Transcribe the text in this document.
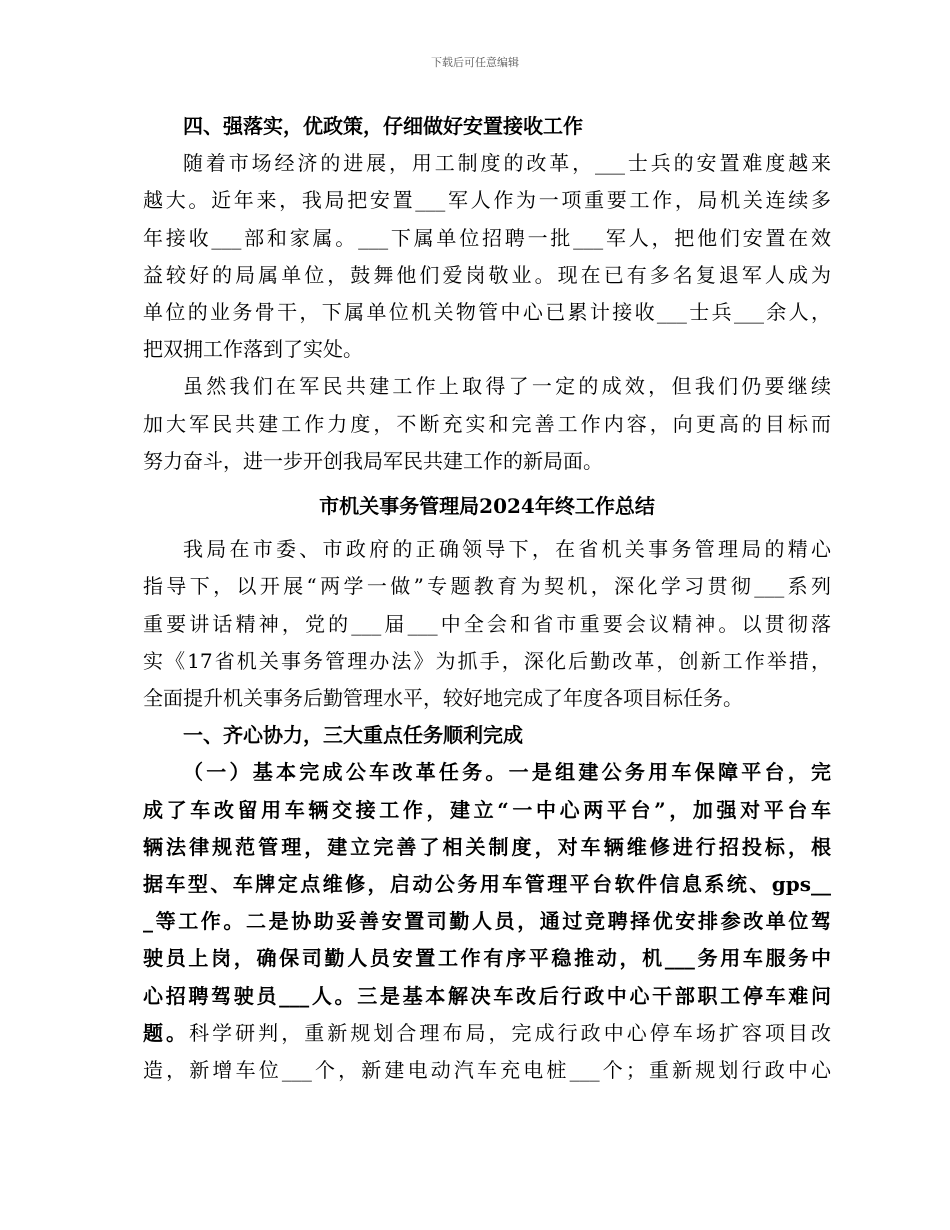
下载后可任意编辑
四、强落实，优政策，仔细做好安置接收工作
随着市场经济的进展，用工制度的改革，___士兵的安置难度越来
越大。近年来，我局把安置___军人作为一项重要工作，局机关连续多
年接收___部和家属。___下属单位招聘一批___军人，把他们安置在效
益较好的局属单位，鼓舞他们爱岗敬业。现在已有多名复退军人成为
单位的业务骨干，下属单位机关物管中心已累计接收___士兵___余人，
把双拥工作落到了实处。
虽然我们在军民共建工作上取得了一定的成效，但我们仍要继续
加大军民共建工作力度，不断充实和完善工作内容，向更高的目标而
努力奋斗，进一步开创我局军民共建工作的新局面。
市机关事务管理局2024年终工作总结
我局在市委、市政府的正确领导下，在省机关事务管理局的精心
指导下，以开展“两学一做”专题教育为契机，深化学习贯彻___系列
重要讲话精神，党的___届___中全会和省市重要会议精神。以贯彻落
实《17省机关事务管理办法》为抓手，深化后勤改革，创新工作举措，
全面提升机关事务后勤管理水平，较好地完成了年度各项目标任务。
一、齐心协力，三大重点任务顺利完成
（一）基本完成公车改革任务。一是组建公务用车保障平台，完
成了车改留用车辆交接工作，建立“一中心两平台”，加强对平台车
辆法律规范管理，建立完善了相关制度，对车辆维修进行招投标，根
据车型、车牌定点维修，启动公务用车管理平台软件信息系统、gps__
_等工作。二是协助妥善安置司勤人员，通过竞聘择优安排参改单位驾
驶员上岗，确保司勤人员安置工作有序平稳推动，机___务用车服务中
心招聘驾驶员___人。三是基本解决车改后行政中心干部职工停车难问
题。科学研判，重新规划合理布局，完成行政中心停车场扩容项目改
造，新增车位___个，新建电动汽车充电桩___个；重新规划行政中心
